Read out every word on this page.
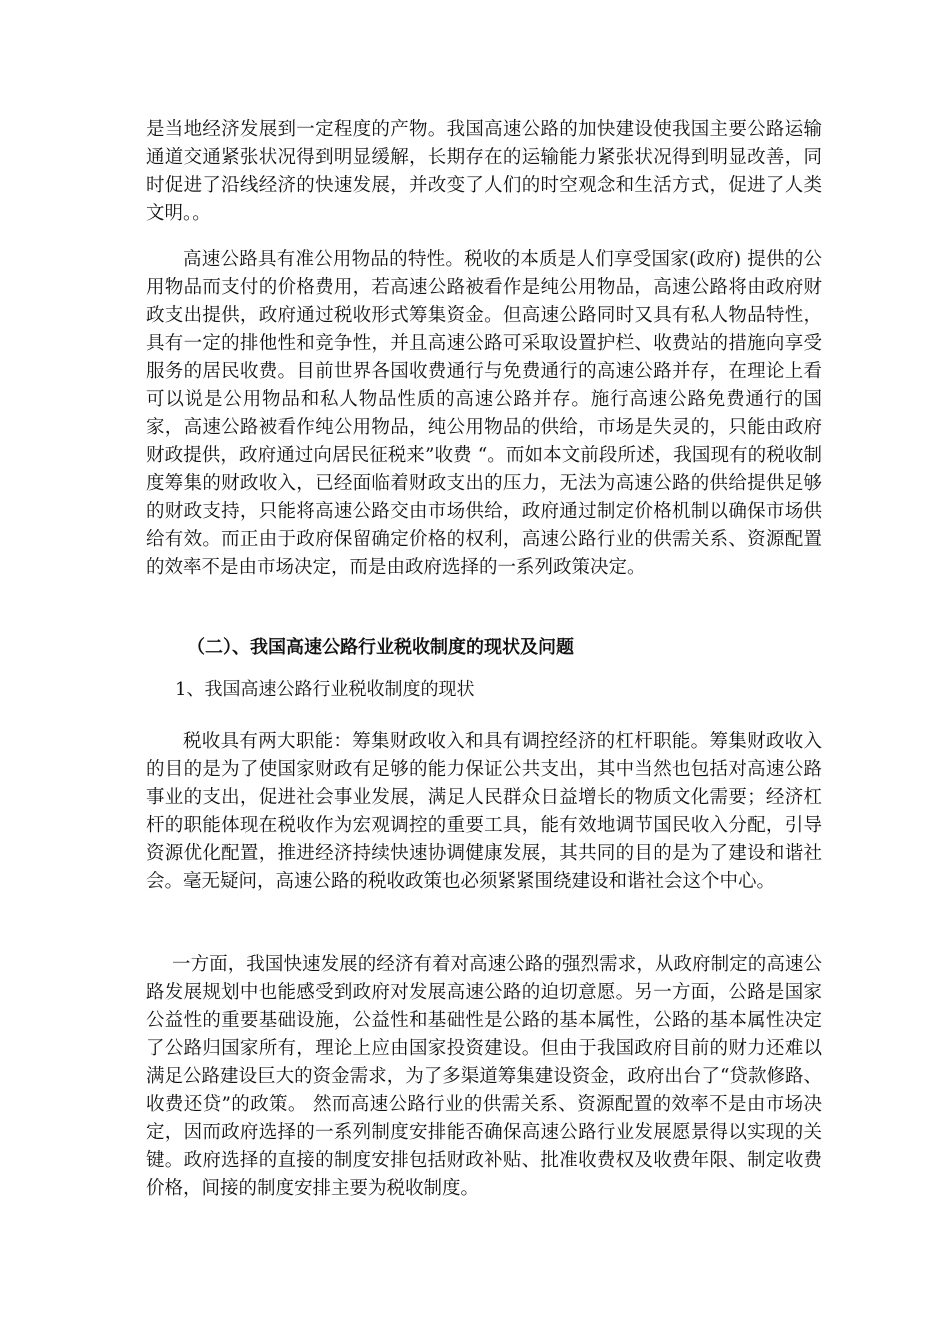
是当地经济发展到一定程度的产物。我国高速公路的加快建设使我国主要公路运输通道交通紧张状况得到明显缓解，长期存在的运输能力紧张状况得到明显改善，同时促进了沿线经济的快速发展，并改变了人们的时空观念和生活方式，促进了人类文明。。

高速公路具有准公用物品的特性。税收的本质是人们享受国家(政府) 提供的公用物品而支付的价格费用，若高速公路被看作是纯公用物品，高速公路将由政府财政支出提供，政府通过税收形式筹集资金。但高速公路同时又具有私人物品特性，具有一定的排他性和竞争性，并且高速公路可采取设置护栏、收费站的措施向享受服务的居民收费。目前世界各国收费通行与免费通行的高速公路并存，在理论上看可以说是公用物品和私人物品性质的高速公路并存。施行高速公路免费通行的国家，高速公路被看作纯公用物品，纯公用物品的供给，市场是失灵的，只能由政府财政提供，政府通过向居民征税来”收费 “。而如本文前段所述，我国现有的税收制度筹集的财政收入，已经面临着财政支出的压力，无法为高速公路的供给提供足够的财政支持，只能将高速公路交由市场供给，政府通过制定价格机制以确保市场供给有效。而正由于政府保留确定价格的权利，高速公路行业的供需关系、资源配置的效率不是由市场决定，而是由政府选择的一系列政策决定。

（二）、我国高速公路行业税收制度的现状及问题

1、我国高速公路行业税收制度的现状

税收具有两大职能：筹集财政收入和具有调控经济的杠杆职能。筹集财政收入的目的是为了使国家财政有足够的能力保证公共支出，其中当然也包括对高速公路事业的支出，促进社会事业发展，满足人民群众日益增长的物质文化需要；经济杠杆的职能体现在税收作为宏观调控的重要工具，能有效地调节国民收入分配，引导资源优化配置，推进经济持续快速协调健康发展，其共同的目的是为了建设和谐社会。毫无疑问，高速公路的税收政策也必须紧紧围绕建设和谐社会这个中心。

一方面，我国快速发展的经济有着对高速公路的强烈需求，从政府制定的高速公路发展规划中也能感受到政府对发展高速公路的迫切意愿。另一方面，公路是国家公益性的重要基础设施，公益性和基础性是公路的基本属性，公路的基本属性决定了公路归国家所有，理论上应由国家投资建设。但由于我国政府目前的财力还难以满足公路建设巨大的资金需求，为了多渠道筹集建设资金，政府出台了“贷款修路、收费还贷”的政策。 然而高速公路行业的供需关系、资源配置的效率不是由市场决定，因而政府选择的一系列制度安排能否确保高速公路行业发展愿景得以实现的关键。政府选择的直接的制度安排包括财政补贴、批准收费权及收费年限、制定收费价格，间接的制度安排主要为税收制度。
